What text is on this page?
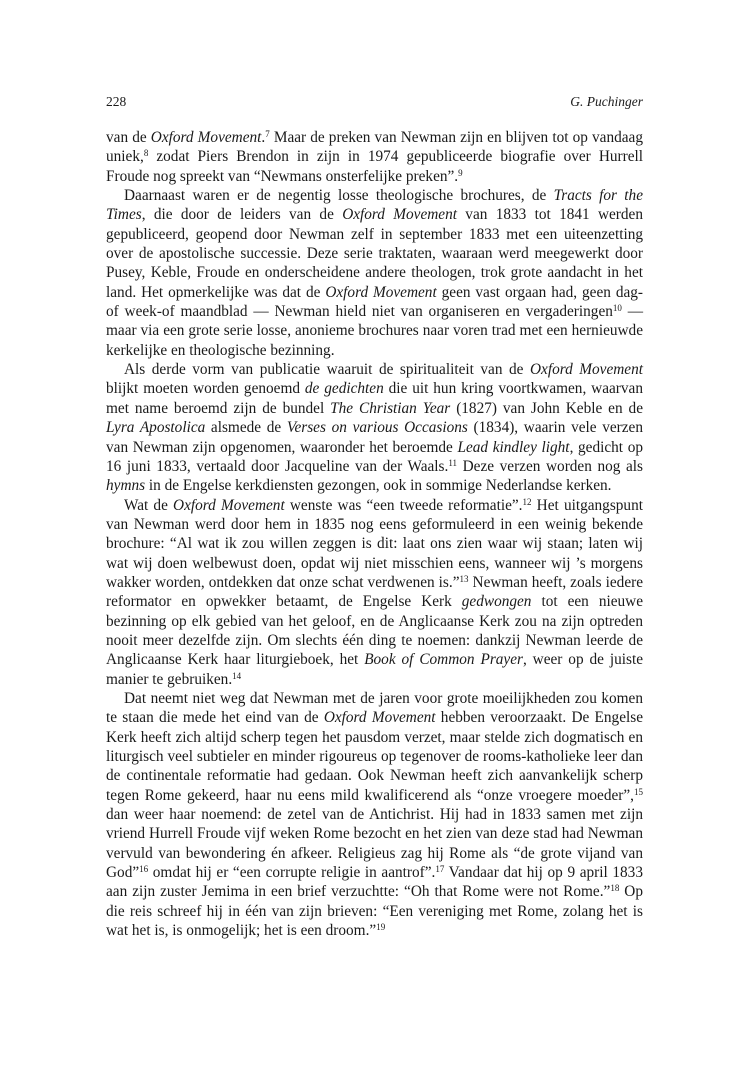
228	G. Puchinger

van de Oxford Movement.$^7$ Maar de preken van Newman zijn en blijven tot op vandaag uniek,$^8$ zodat Piers Brendon in zijn in 1974 gepubliceerde biografie over Hurrell Froude nog spreekt van “Newmans onsterfelijke preken”.$^9$

Daarnaast waren er de negentig losse theologische brochures, de Tracts for the Times, die door de leiders van de Oxford Movement van 1833 tot 1841 werden gepubliceerd, geopend door Newman zelf in september 1833 met een uiteenzetting over de apostolische successie. Deze serie traktaten, waaraan werd meegewerkt door Pusey, Keble, Froude en onderscheidene andere theologen, trok grote aandacht in het land. Het opmerkelijke was dat de Oxford Movement geen vast orgaan had, geen dag- of week-of maandblad — Newman hield niet van organiseren en vergaderingen$^{10}$ — maar via een grote serie losse, anonieme brochures naar voren trad met een hernieuwde kerkelijke en theologische bezinning.

Als derde vorm van publicatie waaruit de spiritualiteit van de Oxford Movement blijkt moeten worden genoemd de gedichten die uit hun kring voortkwamen, waarvan met name beroemd zijn de bundel The Christian Year (1827) van John Keble en de Lyra Apostolica alsmede de Verses on various Occasions (1834), waarin vele verzen van Newman zijn opgenomen, waaronder het beroemde Lead kindley light, gedicht op 16 juni 1833, vertaald door Jacqueline van der Waals.$^{11}$ Deze verzen worden nog als hymns in de Engelse kerkdiensten gezongen, ook in sommige Nederlandse kerken.

Wat de Oxford Movement wenste was “een tweede reformatie”.$^{12}$ Het uitgangspunt van Newman werd door hem in 1835 nog eens geformuleerd in een weinig bekende brochure: “Al wat ik zou willen zeggen is dit: laat ons zien waar wij staan; laten wij wat wij doen welbewust doen, opdat wij niet misschien eens, wanneer wij ’s morgens wakker worden, ontdekken dat onze schat verdwenen is.”$^{13}$ Newman heeft, zoals iedere reformator en opwekker betaamt, de Engelse Kerk gedwongen tot een nieuwe bezinning op elk gebied van het geloof, en de Anglicaanse Kerk zou na zijn optreden nooit meer dezelfde zijn. Om slechts één ding te noemen: dankzij Newman leerde de Anglicaanse Kerk haar liturgieboek, het Book of Common Prayer, weer op de juiste manier te gebruiken.$^{14}$

Dat neemt niet weg dat Newman met de jaren voor grote moeilijkheden zou komen te staan die mede het eind van de Oxford Movement hebben veroorzaakt. De Engelse Kerk heeft zich altijd scherp tegen het pausdom verzet, maar stelde zich dogmatisch en liturgisch veel subtieler en minder rigoureus op tegenover de rooms-katholieke leer dan de continentale reformatie had gedaan. Ook Newman heeft zich aanvankelijk scherp tegen Rome gekeerd, haar nu eens mild kwalificerend als “onze vroegere moeder”,$^{15}$ dan weer haar noemend: de zetel van de Antichrist. Hij had in 1833 samen met zijn vriend Hurrell Froude vijf weken Rome bezocht en het zien van deze stad had Newman vervuld van bewondering én afkeer. Religieus zag hij Rome als “de grote vijand van God”$^{16}$ omdat hij er “een corrupte religie in aantrof”.$^{17}$ Vandaar dat hij op 9 april 1833 aan zijn zuster Jemima in een brief verzuchtte: “Oh that Rome were not Rome.”$^{18}$ Op die reis schreef hij in één van zijn brieven: “Een vereniging met Rome, zolang het is wat het is, is onmogelijk; het is een droom.”$^{19}$
